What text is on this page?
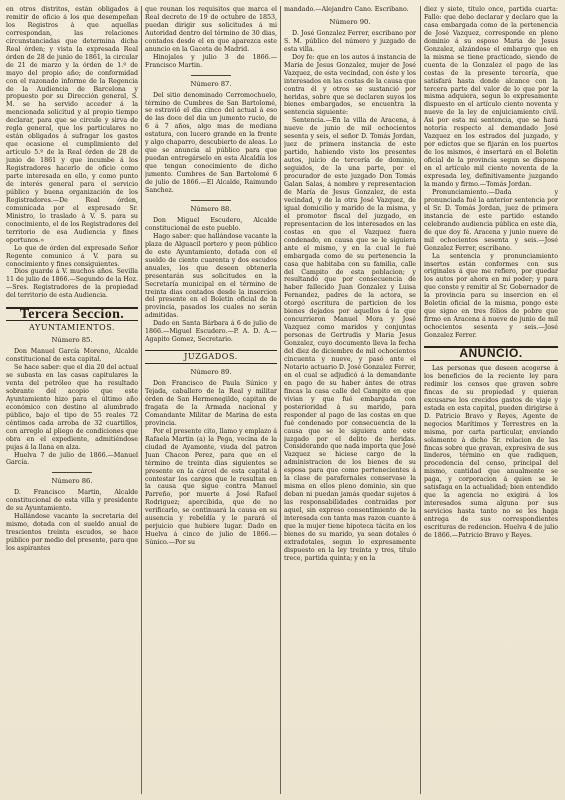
en otros distritos, están obligados á remitir de oficio á los que desempeñan los Registros á que aquellas correspondan, las relaciones circunstanciadas que determina dicha Real órden; y vista la expresada Real órden de 28 de junio de 1861, la circular de 21 de marzo y la órden de 1.º de mayo del propio año; de conformidad con el razonado informe de la Regencia de la Audiencia de Barcelona y propuesto por su Dirección general, S. M. se ha servido acceder á la mencionada solicitud y al propio tiempo declarar, para que se circule y sirva de regla general, que los particulares no están obligados á sufragar los gastos que ocasione el cumplimiento del artículo 5.º de la Real órden de 28 de junio de 1861 y que incumbe á los Registradores hacerlo de oficio como parte interesada en ello, y como punto de interés general para el servicio público y buena organización de los Registradores.—De Real órden, comunicada por el expresado Sr. Ministro, lo traslado á V. S. para su conocimiento, el de los Registradores del territorio de esa Audiencia y fines oportunos.»

Lo que de órden del expresado Señor Regente comunico á V. para su conocimiento y fines consiguientes.

Dios guarde á V. muchos años. Sevilla 11 de julio de 1866.—Segundo de la Hoz.—Sres. Registradores de la propiedad del territorio de esta Audiencia.

Tercera Seccion.
AYUNTAMIENTOS.
Número 85.

Don Manuel García Moreno, Alcalde constitucional de esta capital.

Se hace saber: que el dia 20 del actual se subasta en las casas capitulares la venta del petróleo que ha resultado sobrante del acopio que este Ayuntamiento hizo para el último año económico con destino al alumbrado público, bajo el tipo de 55 reales 72 céntimos cada arroba de 32 cuartillos, con arreglo al pliego de condiciones que obra en el expediente, admitiéndose pujas á la llana en alza.

Huelva 7 de julio de 1866.—Manuel García.

Número 86.

D. Francisco Martin, Alcalde constitucional de esta villa y presidente de su Ayuntamiento.

Hallándose vacante la secretaria del mismo, dotada con el sueldo anual de trescientos treinta escudos, se hace público por medio del presente, para que los aspirantes

que reunan los requisitos que marca el Real decreto de 19 de octubre de 1853, puedan dirigir sus solicitudes á mi Autoridad dentro del término de 30 dias, contados desde el en que aparezca este anuncio en la Gaceta de Madrid.

Hinojales y julio 3 de 1866.—Francisco Martin.

Número 87.

Del sitio denominado Cerromochuelo, término de Cumbres de San Bartolomé, se estravió el dia cinco del actual á eso de las doce del dia un jumento rucio, de 6 á 7 años, algo mas de mediana estatura, con lucero grande en la frente y algo chaparro, descubierto de aleas. Lo que se anuncia al público para que puedan entregárselo en esta Alcaldía los que tengan conocimiento de dicho jumento. Cumbres de San Bartolomé 6 de julio de 1866.—El Alcalde, Raimundo Sanchez.

Número 88.

Don Miguel Escudero, Alcalde constitucional de este pueblo.

Hago saber: que hallándose vacante la plaza de Alguacil portero y peon público de este Ayuntamiento, dotada con el sueldo de ciento cuarenta y dos escudos anuales, los que deseen obtenerla presentarán sus solicitudes en la Secretaría municipal en el término de treinta dias contados desde la insercion del presente en el Boletin oficial de la provincia, pasados los cuales no serán admitidas.

Dado en Santa Bárbara á 6 de julio de 1866.—Miguel Escudero.—P. A. D. A.—Agapito Gomez, Secretario.

JUZGADOS.
Número 89.

Don Francisco de Paula Súnico y Tejada, caballero de la Real y militar órden de San Hermenegildo, capitan de fragata de la Armada nacional y Comandante Militar de Marina de esta provincia.

Por el presente cito, llamo y emplazo á Rafaela Martin (a) la Pega, vecina de la ciudad de Ayamonte, viuda del patron Juan Chacon Perez, para que en el término de treinta dias siguientes se presente en la cárcel de esta capital á contestar los cargos que le resultan en la causa que sigue contra Manuel Parreño, por muerte á José Rafael Rodriguez; apercibida, que de no verificarlo, se continuará la causa en su ausencia y rebeldía y le parará el perjuicio que hubiere lugar. Dado en Huelva á cinco de julio de 1866.—Súnico.—Por su

mandado.—Alejandro Cano. Escribano.

Número 90.

D. José Gonzalez Ferrer, escribano por S. M. público del número y juzgado de esta villa.

Doy fe: que en los autos á instancia de Maria de Jesus Gonzalez, mujer de José Vazquez, de esta vecindad, con éste y los interesados en las costas de la causa que contra él y otros se sustanció por heridas, sobre que se declaren suyos los bienes embargados, se encuentra la sentencia siguiente:

Sentencia.—En la villa de Aracena, á nueve de junio de mil ochocientos sesenta y seis, el señor D. Tomás Jordan, juez de primera instancia de este partido, habiendo visto los presentes autos, juicio de tercería de dominio, seguidos, de la una parte, por el procurador de este juzgado Don Tomás Galan Salas, á nombre y representacion de María de Jesus Gonzalez, de esta vecindad, y de la otra José Vazquez, de igual domicilio y marido de la misma, y el promotor fiscal del juzgado, en representacion de los interesados en las costas en que el Vazquez fuera condenado, en causa que se le siguiera ante el mismo, y en la cual le fué embargada como de su pertenencia la casa que habitaba con su familia, calle del Campito de esta poblacion; y resultando que por consecuencia de haber fallecido Juan Gonzalez y Luisa Fernandez, padres de la actora, se otorgó escritura de particion de los bienes dejados por aquellos á la que concurrieron Manuel Mora y José Vazquez como maridos y conjuntas personas de Gertrudis y Maria Jesus Gonzalez, cuyo documento lleva la fecha del diez de diciembre de mil ochocientos cincuenta y nueve, y pasó ante el Notario actuario D. José Gonzalez Ferrer, en el cual se adjudicó á la demandante en pago de su haber ántes de otras fincas la casa calle del Campito en que vivian y que fué embargada con posterioridad á su marido, para responder al pago de las costas en que fué condenado por consecuencia de la causa que se le siguiera ante este juzgado por el delito de heridas. Considerando que nada importa que José Vazquez se hiciese cargo de la administracion de los bienes de su esposa para que como pertenecientes á la clase de parafernales conservase la misma en ellos pleno dominio, sin que deban ni puedan jamás quedar sujetos á las responsabilidades contraidas por aquel, sin expreso consentimiento de la interesada con tanta mas razon cuanto á que la mujer tiene hipoteca tácita en los bienes de su marido, ya sean dotales ó extradotales, segun lo expresamente dispuesto en la ley treinta y tres, título trece, partida quinta; y en la

diez y siete, título once, partida cuarta: Fallo: que debo declarar y declaro que la casa embargada como de la pertenencia de José Vazquez, corresponde en pleno dominio á su esposo Maria de Jesus Gonzalez, alzándose el embargo que en la misma se tiene practicado, siendo de cuenta de la Gonzalez el pago de las costas de la presente tercería, que satisfará hasta donde alcance con la tercera parte del valor de lo que por la misma adquiera, segun lo expresamente dispuesto en el artículo ciento noventa y nueve de la ley de enjuiciamiento civil. Asi por esta mi sentencia, que se hará notoria respecto al demandado José Vazquez en los estrados del juzgado, y por edictos que se fijarán en los puertos de los mismos, é insertará en el Boletin oficial de la provincia segun se dispone en el artículo mil ciento noventa de la expresada ley, definitivamente juzgando la mando y firmo.—Tomás Jordan.

Pronunciamiento.—Dada y pronunciada fué la anterior sentencia por el Sr. D. Tomás Jordan, juez de primera instancia de este partido estando celebrando audiencia pública en este dia, de que doy fé. Aracena y junio nueve de mil ochocientos sesenta y seis.—José Gonzalez Ferrer, escribano.

La sentencia y pronunciamiento insertos están conformes con sus originales á que me refiero, por quedar los autos por ahora en mi poder; y para que conste y remitir al Sr. Gobernador de la provincia para su insercion en el Boletin oficial de la misma, pongo este que signo en tres fólios de pobre que firmo en Aracena á nueve de junio de mil ochocientos sesenta y seis.—José Gonzalez Ferrer.

ANUNCIO.

Las personas que deseen acogerse á los beneficios de la reciente ley para redimir los censos que graven sobre fincas de su propiedad y quieran excusarse los crecidos gastos de viaje y estada en esta capital, pueden dirigirse á D. Patricio Bravo y Reyes, Agente de negocios Marítimos y Terrestres en la misma, por carta particular, enviando solamente á dicho Sr. relacion de las fincas sobre que gravan, expresiva de sus linderos, término en que radiquen, procedencia del censo, principal del mismo, cantidad que anualmente se paga, y corporacion á quien se le satisfaga en la actualidad; bien entendido que la agencia no exigirá á los interesados suma alguna por sus servicios hasta tanto no se les haga entrega de sus correspondientes escrituras de redencion. Huelva 4 de julio de 1866.—Patricio Bravo y Reyes.
